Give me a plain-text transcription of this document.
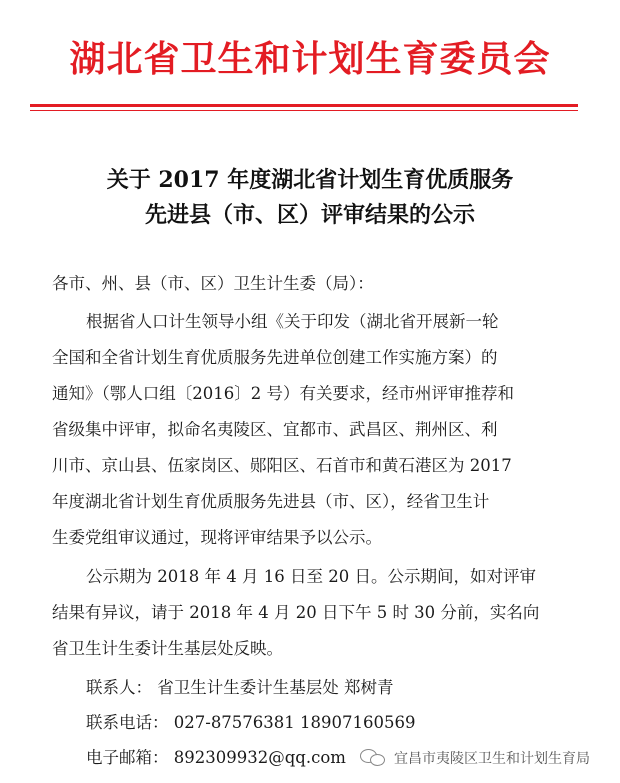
湖北省卫生和计划生育委员会
关于 2017 年度湖北省计划生育优质服务
先进县（市、区）评审结果的公示
各市、州、县（市、区）卫生计生委（局）：
根据省人口计生领导小组《关于印发（湖北省开展新一轮
全国和全省计划生育优质服务先进单位创建工作实施方案）的
通知》（鄂人口组〔2016〕2 号）有关要求，经市州评审推荐和
省级集中评审，拟命名夷陵区、宜都市、武昌区、荆州区、利
川市、京山县、伍家岗区、郧阳区、石首市和黄石港区为 2017
年度湖北省计划生育优质服务先进县（市、区），经省卫生计
生委党组审议通过，现将评审结果予以公示。
公示期为 2018 年 4 月 16 日至 20 日。公示期间，如对评审
结果有异议，请于 2018 年 4 月 20 日下午 5 时 30 分前，实名向
省卫生计生委计生基层处反映。
联系人： 省卫生计生委计生基层处 郑树青
联系电话： 027-87576381 18907160569
电子邮箱： 892309932@qq.com	宜昌市夷陵区卫生和计划生育局
